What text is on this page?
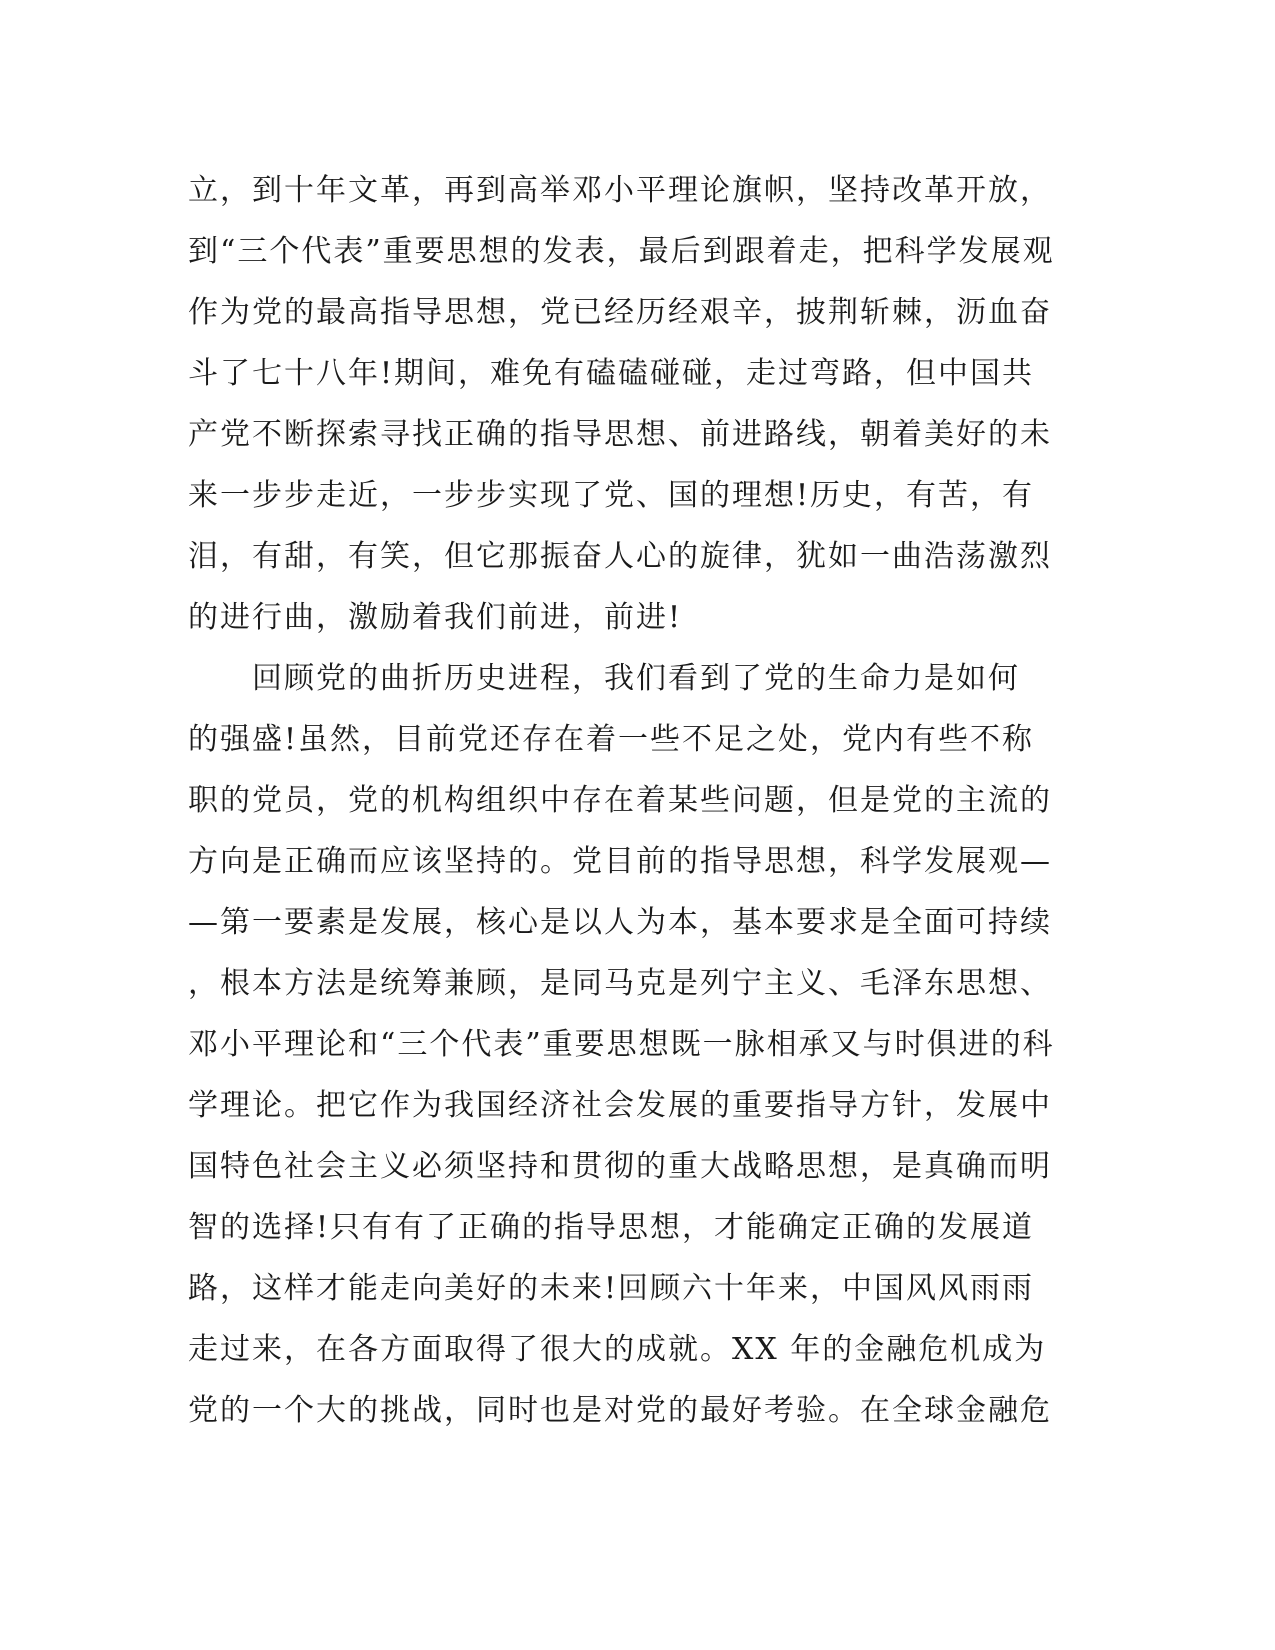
立，到十年文革，再到高举邓小平理论旗帜，坚持改革开放，
到“三个代表”重要思想的发表，最后到跟着走，把科学发展观
作为党的最高指导思想，党已经历经艰辛，披荆斩棘，沥血奋
斗了七十八年!期间，难免有磕磕碰碰，走过弯路，但中国共
产党不断探索寻找正确的指导思想、前进路线，朝着美好的未
来一步步走近，一步步实现了党、国的理想!历史，有苦，有
泪，有甜，有笑，但它那振奋人心的旋律，犹如一曲浩荡激烈
的进行曲，激励着我们前进，前进!
　　回顾党的曲折历史进程，我们看到了党的生命力是如何
的强盛!虽然，目前党还存在着一些不足之处，党内有些不称
职的党员，党的机构组织中存在着某些问题，但是党的主流的
方向是正确而应该坚持的。党目前的指导思想，科学发展观—
—第一要素是发展，核心是以人为本，基本要求是全面可持续
，根本方法是统筹兼顾，是同马克是列宁主义、毛泽东思想、
邓小平理论和“三个代表”重要思想既一脉相承又与时俱进的科
学理论。把它作为我国经济社会发展的重要指导方针，发展中
国特色社会主义必须坚持和贯彻的重大战略思想，是真确而明
智的选择!只有有了正确的指导思想，才能确定正确的发展道
路，这样才能走向美好的未来!回顾六十年来，中国风风雨雨
走过来，在各方面取得了很大的成就。XX 年的金融危机成为
党的一个大的挑战，同时也是对党的最好考验。在全球金融危
